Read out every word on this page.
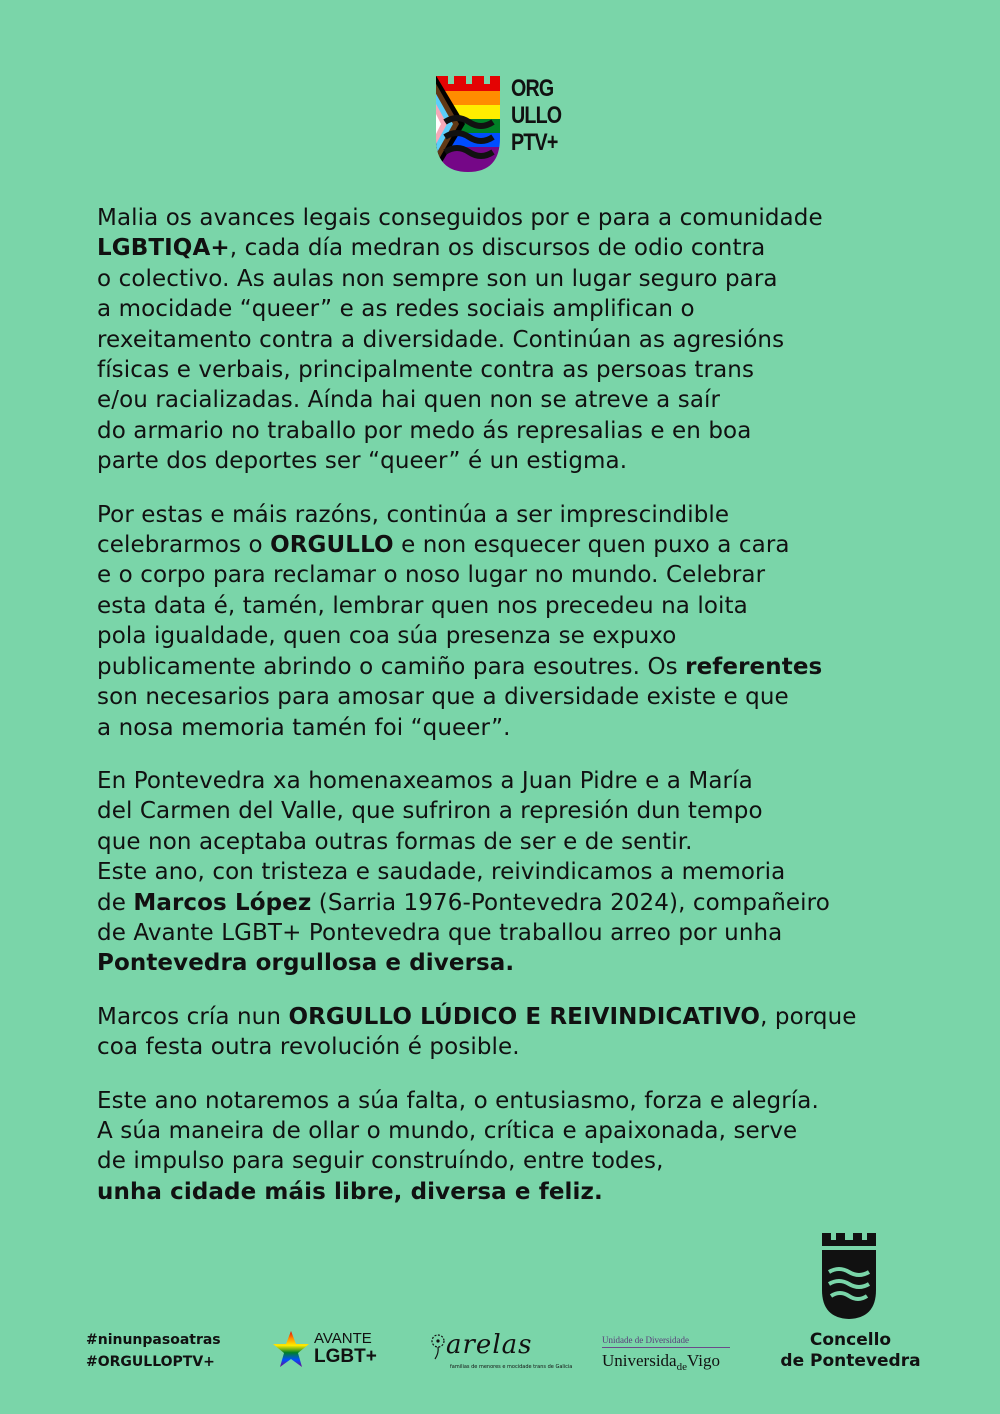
ORG
ULLO
PTV+
Malia os avances legais conseguidos por e para a comunidade
LGBTIQA+, cada día medran os discursos de odio contra
o colectivo. As aulas non sempre son un lugar seguro para
a mocidade “queer” e as redes sociais amplifican o
rexeitamento contra a diversidade. Continúan as agresións
físicas e verbais, principalmente contra as persoas trans
e/ou racializadas. Aínda hai quen non se atreve a saír
do armario no traballo por medo ás represalias e en boa
parte dos deportes ser “queer” é un estigma.
Por estas e máis razóns, continúa a ser imprescindible
celebrarmos o ORGULLO e non esquecer quen puxo a cara
e o corpo para reclamar o noso lugar no mundo. Celebrar
esta data é, tamén, lembrar quen nos precedeu na loita
pola igualdade, quen coa súa presenza se expuxo
publicamente abrindo o camiño para esoutres. Os referentes
son necesarios para amosar que a diversidade existe e que
a nosa memoria tamén foi “queer”.
En Pontevedra xa homenaxeamos a Juan Pidre e a María
del Carmen del Valle, que sufriron a represión dun tempo
que non aceptaba outras formas de ser e de sentir.
Este ano, con tristeza e saudade, reivindicamos a memoria
de Marcos López (Sarria 1976-Pontevedra 2024), compañeiro
de Avante LGBT+ Pontevedra que traballou arreo por unha
Pontevedra orgullosa e diversa.
Marcos cría nun ORGULLO LÚDICO E REIVINDICATIVO, porque
coa festa outra revolución é posible.
Este ano notaremos a súa falta, o entusiasmo, forza e alegría.
A súa maneira de ollar o mundo, crítica e apaixonada, serve
de impulso para seguir construíndo, entre todes,
unha cidade máis libre, diversa e feliz.
#ninunpasoatras
#ORGULLOPTV+
AVANTE
LGBT+	arelas
familias de menores e mocidade trans de Galicia
Unidade de Diversidade
Universida$_{de}$Vigo
Concello
de Pontevedra
